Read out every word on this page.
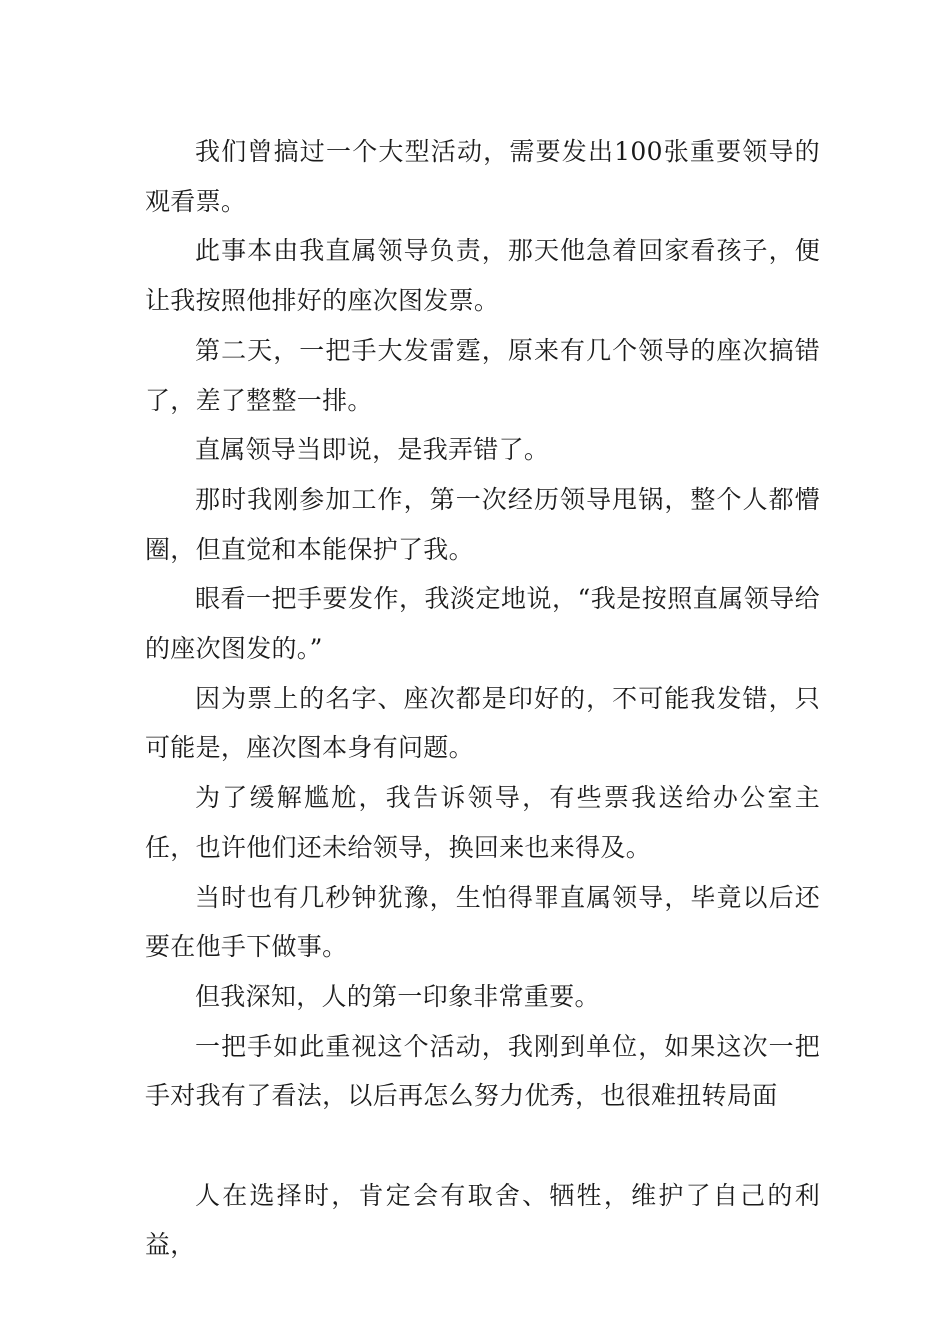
我们曾搞过一个大型活动，需要发出100张重要领导的观看票。

此事本由我直属领导负责，那天他急着回家看孩子，便让我按照他排好的座次图发票。

第二天，一把手大发雷霆，原来有几个领导的座次搞错了，差了整整一排。

直属领导当即说，是我弄错了。

那时我刚参加工作，第一次经历领导甩锅，整个人都懵圈，但直觉和本能保护了我。

眼看一把手要发作，我淡定地说，“我是按照直属领导给的座次图发的。”

因为票上的名字、座次都是印好的，不可能我发错，只可能是，座次图本身有问题。

为了缓解尴尬，我告诉领导，有些票我送给办公室主任，也许他们还未给领导，换回来也来得及。

当时也有几秒钟犹豫，生怕得罪直属领导，毕竟以后还要在他手下做事。

但我深知，人的第一印象非常重要。

一把手如此重视这个活动，我刚到单位，如果这次一把手对我有了看法，以后再怎么努力优秀，也很难扭转局面

人在选择时，肯定会有取舍、牺牲，维护了自己的利益，
